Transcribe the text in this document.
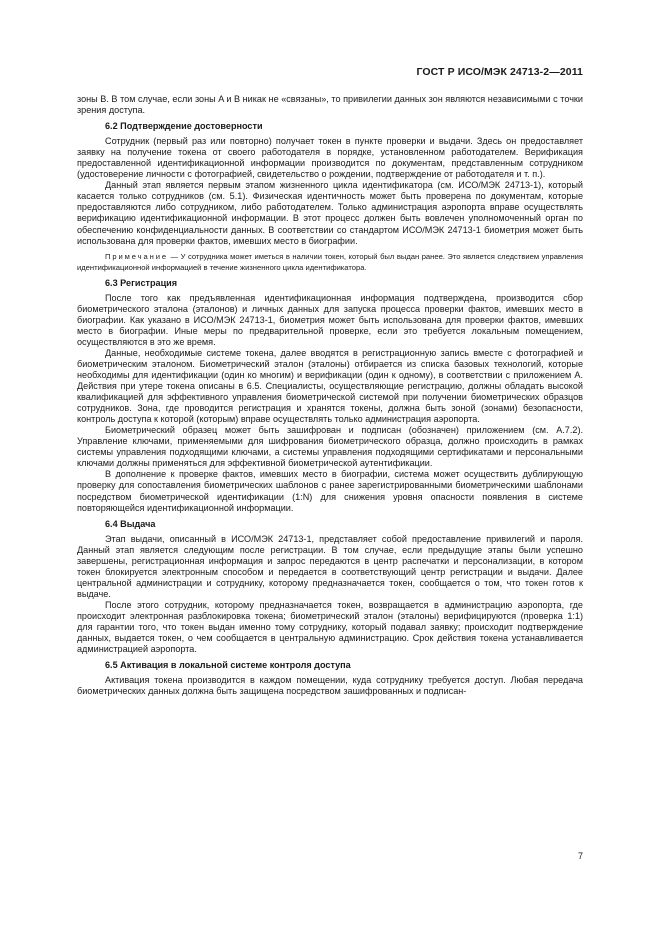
ГОСТ Р ИСО/МЭК 24713-2—2011

зоны B. В том случае, если зоны A и B никак не «связаны», то привилегии данных зон являются независимыми с точки зрения доступа.

6.2 Подтверждение достоверности

Сотрудник (первый раз или повторно) получает токен в пункте проверки и выдачи. Здесь он предоставляет заявку на получение токена от своего работодателя в порядке, установленном работодателем. Верификация предоставленной идентификационной информации производится по документам, представленным сотрудником (удостоверение личности с фотографией, свидетельство о рождении, подтверждение от работодателя и т. п.).

Данный этап является первым этапом жизненного цикла идентификатора (см. ИСО/МЭК 24713-1), который касается только сотрудников (см. 5.1). Физическая идентичность может быть проверена по документам, которые предоставляются либо сотрудником, либо работодателем. Только администрация аэропорта вправе осуществлять верификацию идентификационной информации. В этот процесс должен быть вовлечен уполномоченный орган по обеспечению конфиденциальности данных. В соответствии со стандартом ИСО/МЭК 24713-1 биометрия может быть использована для проверки фактов, имевших место в биографии.

Примечание — У сотрудника может иметься в наличии токен, который был выдан ранее. Это является следствием управления идентификационной информацией в течение жизненного цикла идентификатора.

6.3 Регистрация

После того как предъявленная идентификационная информация подтверждена, производится сбор биометрического эталона (эталонов) и личных данных для запуска процесса проверки фактов, имевших место в биографии. Как указано в ИСО/МЭК 24713-1, биометрия может быть использована для проверки фактов, имевших место в биографии. Иные меры по предварительной проверке, если это требуется локальным помещением, осуществляются в это же время.

Данные, необходимые системе токена, далее вводятся в регистрационную запись вместе с фотографией и биометрическим эталоном. Биометрический эталон (эталоны) отбирается из списка базовых технологий, которые необходимы для идентификации (один ко многим) и верификации (один к одному), в соответствии с приложением A. Действия при утере токена описаны в 6.5. Специалисты, осуществляющие регистрацию, должны обладать высокой квалификацией для эффективного управления биометрической системой при получении биометрических образцов сотрудников. Зона, где проводится регистрация и хранятся токены, должна быть зоной (зонами) безопасности, контроль доступа к которой (которым) вправе осуществлять только администрация аэропорта.

Биометрический образец может быть зашифрован и подписан (обозначен) приложением (см. A.7.2). Управление ключами, применяемыми для шифрования биометрического образца, должно происходить в рамках системы управления подходящими ключами, а системы управления подходящими сертификатами и персональными ключами должны применяться для эффективной биометрической аутентификации.

В дополнение к проверке фактов, имевших место в биографии, система может осуществить дублирующую проверку для сопоставления биометрических шаблонов с ранее зарегистрированными биометрическими шаблонами посредством биометрической идентификации (1:N) для снижения уровня опасности появления в системе повторяющейся идентификационной информации.

6.4 Выдача

Этап выдачи, описанный в ИСО/МЭК 24713-1, представляет собой предоставление привилегий и пароля. Данный этап является следующим после регистрации. В том случае, если предыдущие этапы были успешно завершены, регистрационная информация и запрос передаются в центр распечатки и персонализации, в котором токен блокируется электронным способом и передается в соответствующий центр регистрации и выдачи. Далее центральной администрации и сотруднику, которому предназначается токен, сообщается о том, что токен готов к выдаче.

После этого сотрудник, которому предназначается токен, возвращается в администрацию аэропорта, где происходит электронная разблокировка токена; биометрический эталон (эталоны) верифицируются (проверка 1:1) для гарантии того, что токен выдан именно тому сотруднику, который подавал заявку; происходит подтверждение данных, выдается токен, о чем сообщается в центральную администрацию. Срок действия токена устанавливается администрацией аэропорта.

6.5 Активация в локальной системе контроля доступа

Активация токена производится в каждом помещении, куда сотруднику требуется доступ. Любая передача биометрических данных должна быть защищена посредством зашифрованных и подписан-

7
